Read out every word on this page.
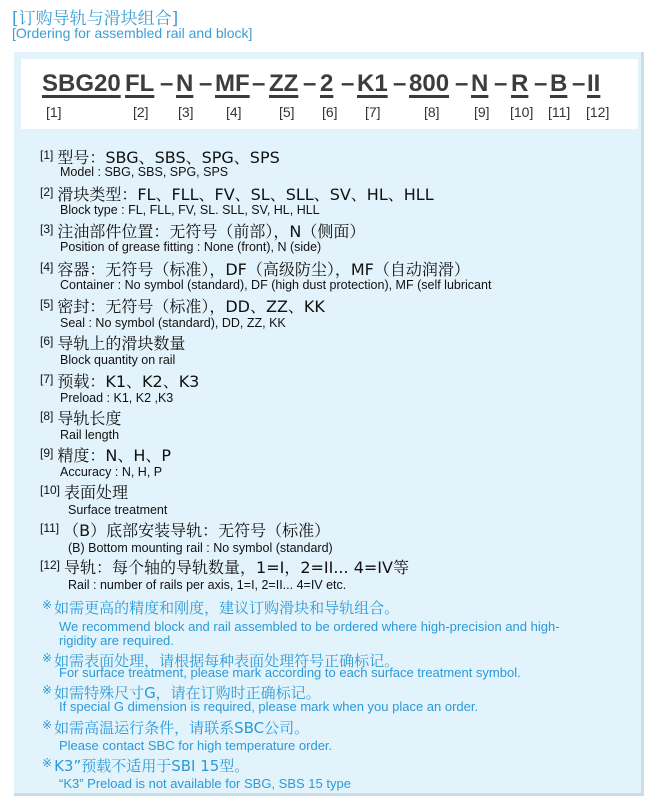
[订购导轨与滑块组合]
[Ordering for assembled rail and block]
SBG20 FL – N – MF – ZZ – 2 – K1 – 800 – N – R – B – II
[1]	[2] [3] [4]	[5] [6] [7]	[8] [9] [10] [11] [12]
[1] 型号：SBG、SBS、SPG、SPS
Model : SBG, SBS, SPG, SPS
[2] 滑块类型：FL、FLL、FV、SL、SLL、SV、HL、HLL
Block type : FL, FLL, FV, SL. SLL, SV, HL, HLL
[3] 注油部件位置：无符号（前部），N（侧面）
Position of grease fitting : None (front), N (side)
[4] 容器：无符号（标准），DF（高级防尘），MF（自动润滑）
Container : No symbol (standard), DF (high dust protection), MF (self lubricant
[5] 密封：无符号（标准），DD、ZZ、KK
Seal : No symbol (standard), DD, ZZ, KK
[6] 导轨上的滑块数量
Block quantity on rail
[7] 预载：K1、K2、K3
Preload : K1, K2 ,K3
[8] 导轨长度
Rail length
[9] 精度：N、H、P
Accuracy : N, H, P
[10] 表面处理
Surface treatment
[11] （B）底部安装导轨：无符号（标准）
(B) Bottom mounting rail : No symbol (standard)
[12] 导轨：每个轴的导轨数量，1=I，2=II... 4=IV等
Rail : number of rails per axis, 1=I, 2=II... 4=IV etc.
※ 如需更高的精度和刚度，建议订购滑块和导轨组合。
We recommend block and rail assembled to be ordered where high-precision and high-
rigidity are required.
※ 如需表面处理，请根据每种表面处理符号正确标记。
For surface treatment, please mark according to each surface treatment symbol.
※ 如需特殊尺寸G，请在订购时正确标记。
If special G dimension is required, please mark when you place an order.
※ 如需高温运行条件，请联系SBC公司。
Please contact SBC for high temperature order.
※ K3”预载不适用于SBI 15型。
“K3” Preload is not available for SBG, SBS 15 type
